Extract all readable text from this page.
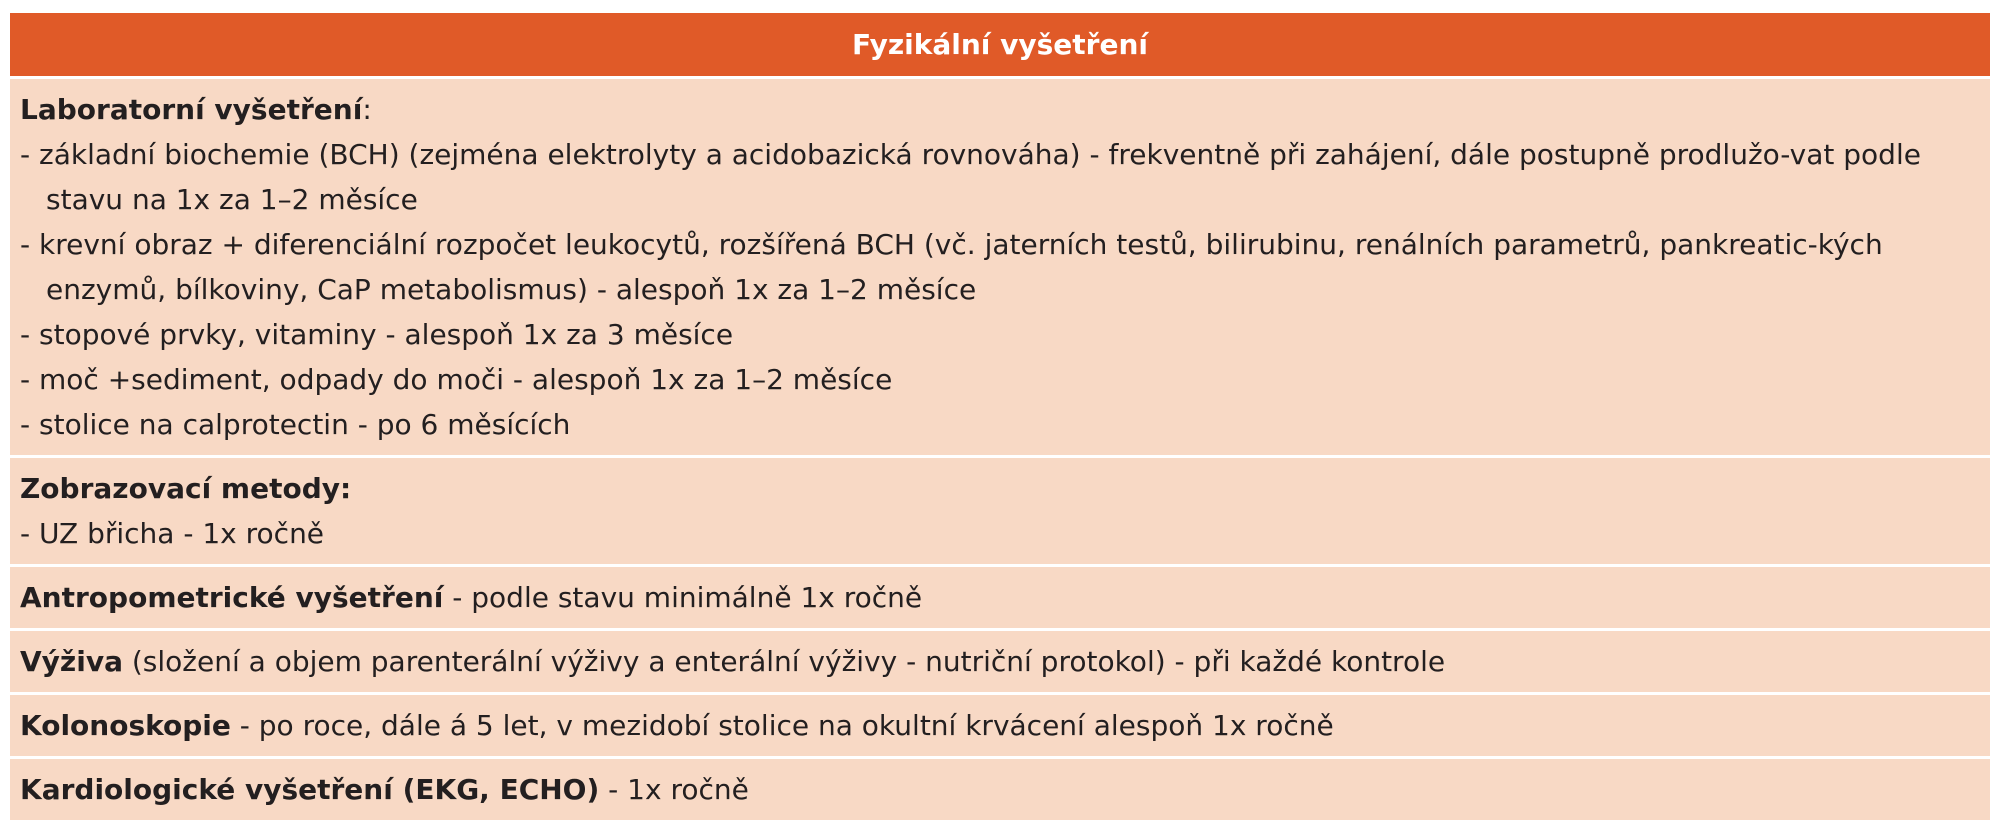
Fyzikální vyšetření
Laboratorní vyšetření:
- základní biochemie (BCH) (zejména elektrolyty a acidobazická rovnováha) - frekventně při zahájení, dále postupně prodlužo-vat podle stavu na 1x za 1–2 měsíce
- krevní obraz + diferenciální rozpočet leukocytů, rozšířená BCH (vč. jaterních testů, bilirubinu, renálních parametrů, pankreatic-kých enzymů, bílkoviny, CaP metabolismus) - alespoň 1x za 1–2 měsíce
- stopové prvky, vitaminy - alespoň 1x za 3 měsíce
- moč +sediment, odpady do moči - alespoň 1x za 1–2 měsíce
- stolice na calprotectin - po 6 měsících
Zobrazovací metody:
- UZ břicha - 1x ročně
Antropometrické vyšetření - podle stavu minimálně 1x ročně
Výživa (složení a objem parenterální výživy a enterální výživy - nutriční protokol) - při každé kontrole
Kolonoskopie - po roce, dále á 5 let, v mezidobí stolice na okultní krvácení alespoň 1x ročně
Kardiologické vyšetření (EKG, ECHO) - 1x ročně
